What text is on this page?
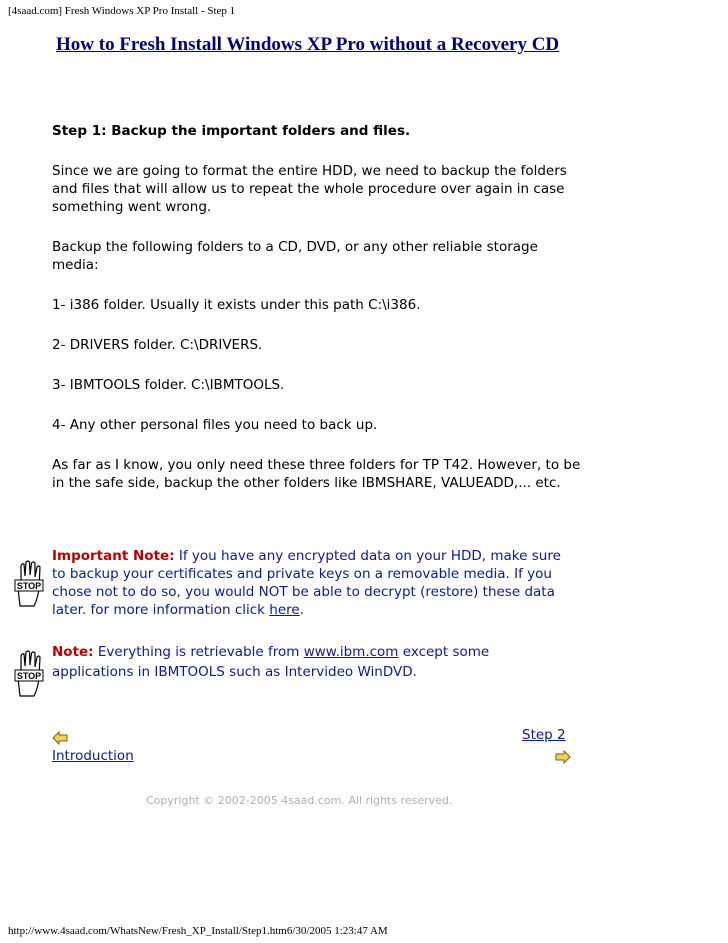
[4saad.com] Fresh Windows XP Pro Install - Step 1
How to Fresh Install Windows XP Pro without a Recovery CD

Step 1: Backup the important folders and files.

Since we are going to format the entire HDD, we need to backup the folders and files that will allow us to repeat the whole procedure over again in case something went wrong.

Backup the following folders to a CD, DVD, or any other reliable storage media:

1- i386 folder. Usually it exists under this path C:\i386.

2- DRIVERS folder. C:\DRIVERS.

3- IBMTOOLS folder. C:\IBMTOOLS.

4- Any other personal files you need to back up.

As far as I know, you only need these three folders for TP T42. However, to be in the safe side, backup the other folders like IBMSHARE, VALUEADD,... etc.

STOP
Important Note: If you have any encrypted data on your HDD, make sure to backup your certificates and private keys on a removable media. If you chose not to do so, you would NOT be able to decrypt (restore) these data later. for more information click here.
STOP
Note: Everything is retrievable from www.ibm.com except some applications in IBMTOOLS such as Intervideo WinDVD.
Introduction
Step 2
Copyright © 2002-2005 4saad.com. All rights reserved.
http://www.4saad.com/WhatsNew/Fresh_XP_Install/Step1.htm6/30/2005 1:23:47 AM
